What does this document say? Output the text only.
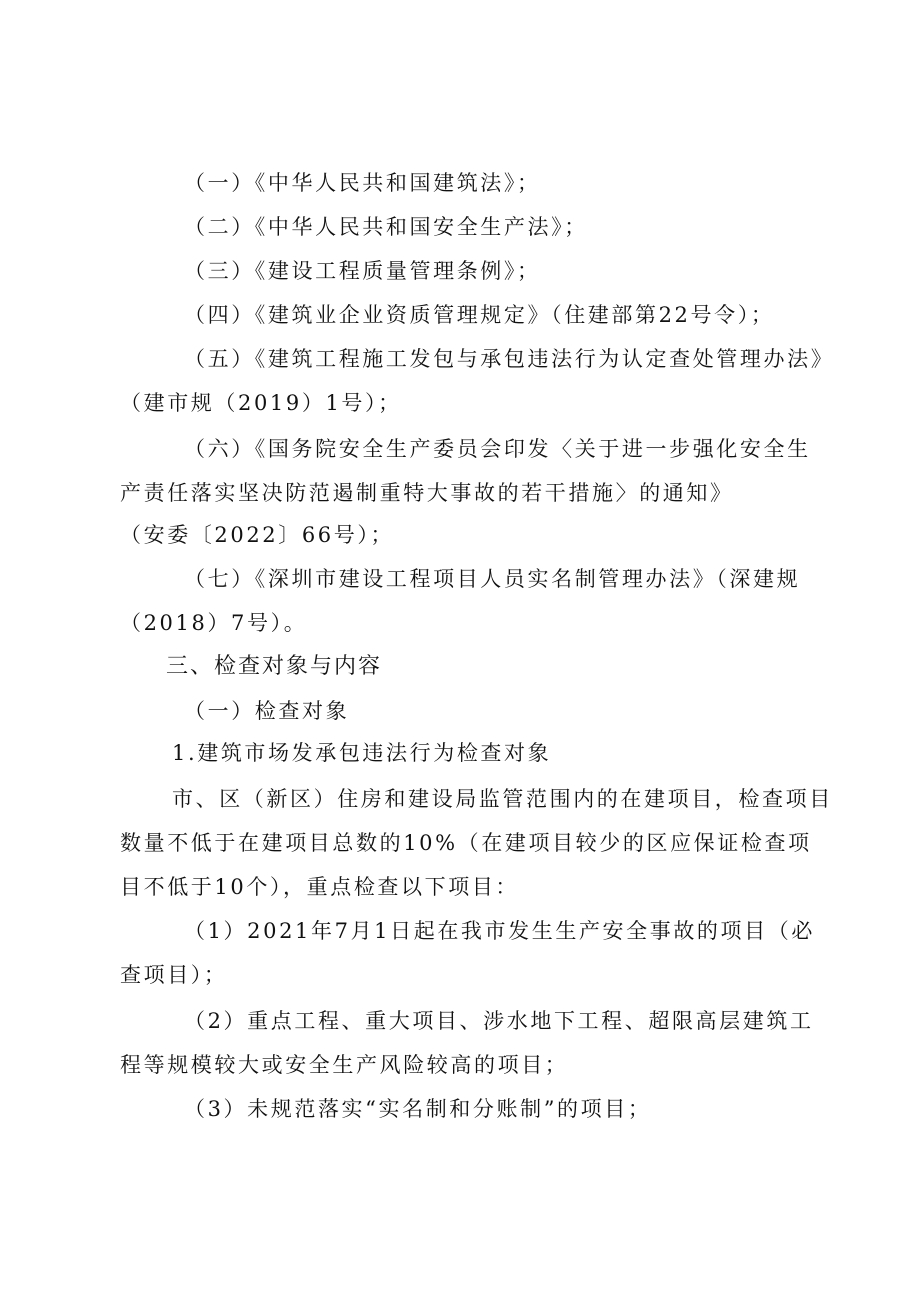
（一）《中华人民共和国建筑法》；
（二）《中华人民共和国安全生产法》；
（三）《建设工程质量管理条例》；
（四）《建筑业企业资质管理规定》（住建部第22号令）；
（五）《建筑工程施工发包与承包违法行为认定查处管理办法》
（建市规（2019）1号）；
（六）《国务院安全生产委员会印发〈关于进一步强化安全生
产责任落实坚决防范遏制重特大事故的若干措施〉的通知》
（安委〔2022〕66号）；
（七）《深圳市建设工程项目人员实名制管理办法》（深建规
（2018）7号）。
三、检查对象与内容
（一）检查对象
1.建筑市场发承包违法行为检查对象
市、区（新区）住房和建设局监管范围内的在建项目，检查项目
数量不低于在建项目总数的10%（在建项目较少的区应保证检查项
目不低于10个），重点检查以下项目：
（1）2021年7月1日起在我市发生生产安全事故的项目（必
查项目）；
（2）重点工程、重大项目、涉水地下工程、超限高层建筑工
程等规模较大或安全生产风险较高的项目；
（3）未规范落实“实名制和分账制”的项目；
